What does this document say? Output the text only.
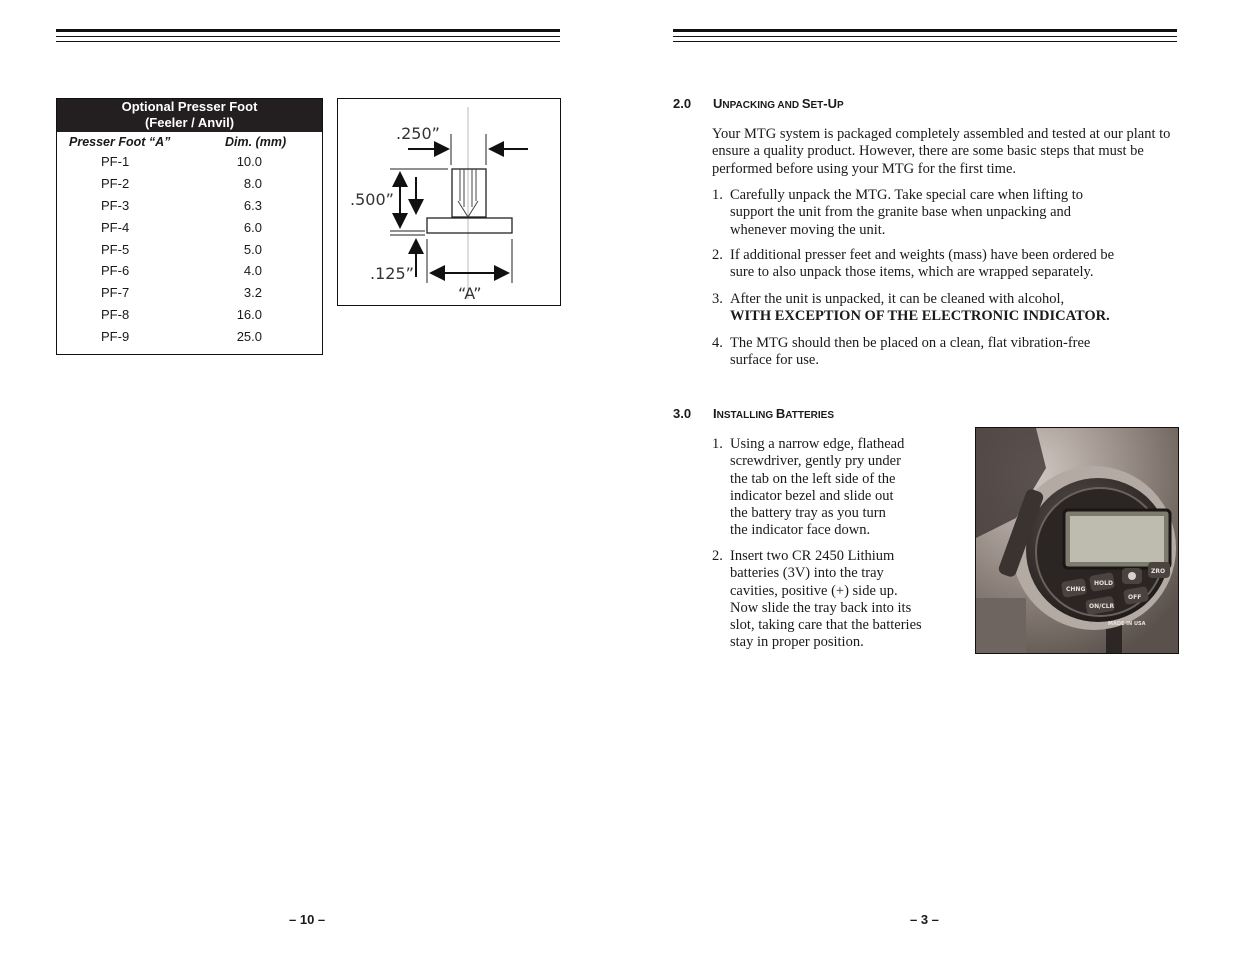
Optional Presser Foot
(Feeler / Anvil)
Presser Foot “A”	Dim. (mm)
PF-1	10.0
PF-2	8.0
PF-3	6.3
PF-4	6.0
PF-5	5.0
PF-6	4.0
PF-7	3.2
PF-8	16.0
PF-9	25.0
.250”
.500”
.125”
“A”
– 10 –
2.0 UNPACKING AND SET-UP
Your MTG system is packaged completely assembled and tested at our plant to ensure a quality product. However, there are some basic steps that must be performed before using your MTG for the first time.
1. Carefully unpack the MTG. Take special care when lifting to
support the unit from the granite base when unpacking and
whenever moving the unit.
2. If additional presser feet and weights (mass) have been ordered be
sure to also unpack those items, which are wrapped separately.
3. After the unit is unpacked, it can be cleaned with alcohol,
WITH EXCEPTION OF THE ELECTRONIC INDICATOR.
4. The MTG should then be placed on a clean, flat vibration-free
surface for use.
3.0 INSTALLING BATTERIES
1. Using a narrow edge, flathead
screwdriver, gently pry under
the tab on the left side of the
indicator bezel and slide out
the battery tray as you turn
the indicator face down.
2. Insert two CR 2450 Lithium
batteries (3V) into the tray
cavities, positive (+) side up.
Now slide the tray back into its
slot, taking care that the batteries
stay in proper position.
CHNG
HOLD
ZRO
ON/CLR
OFF
MADE IN USA
– 3 –
